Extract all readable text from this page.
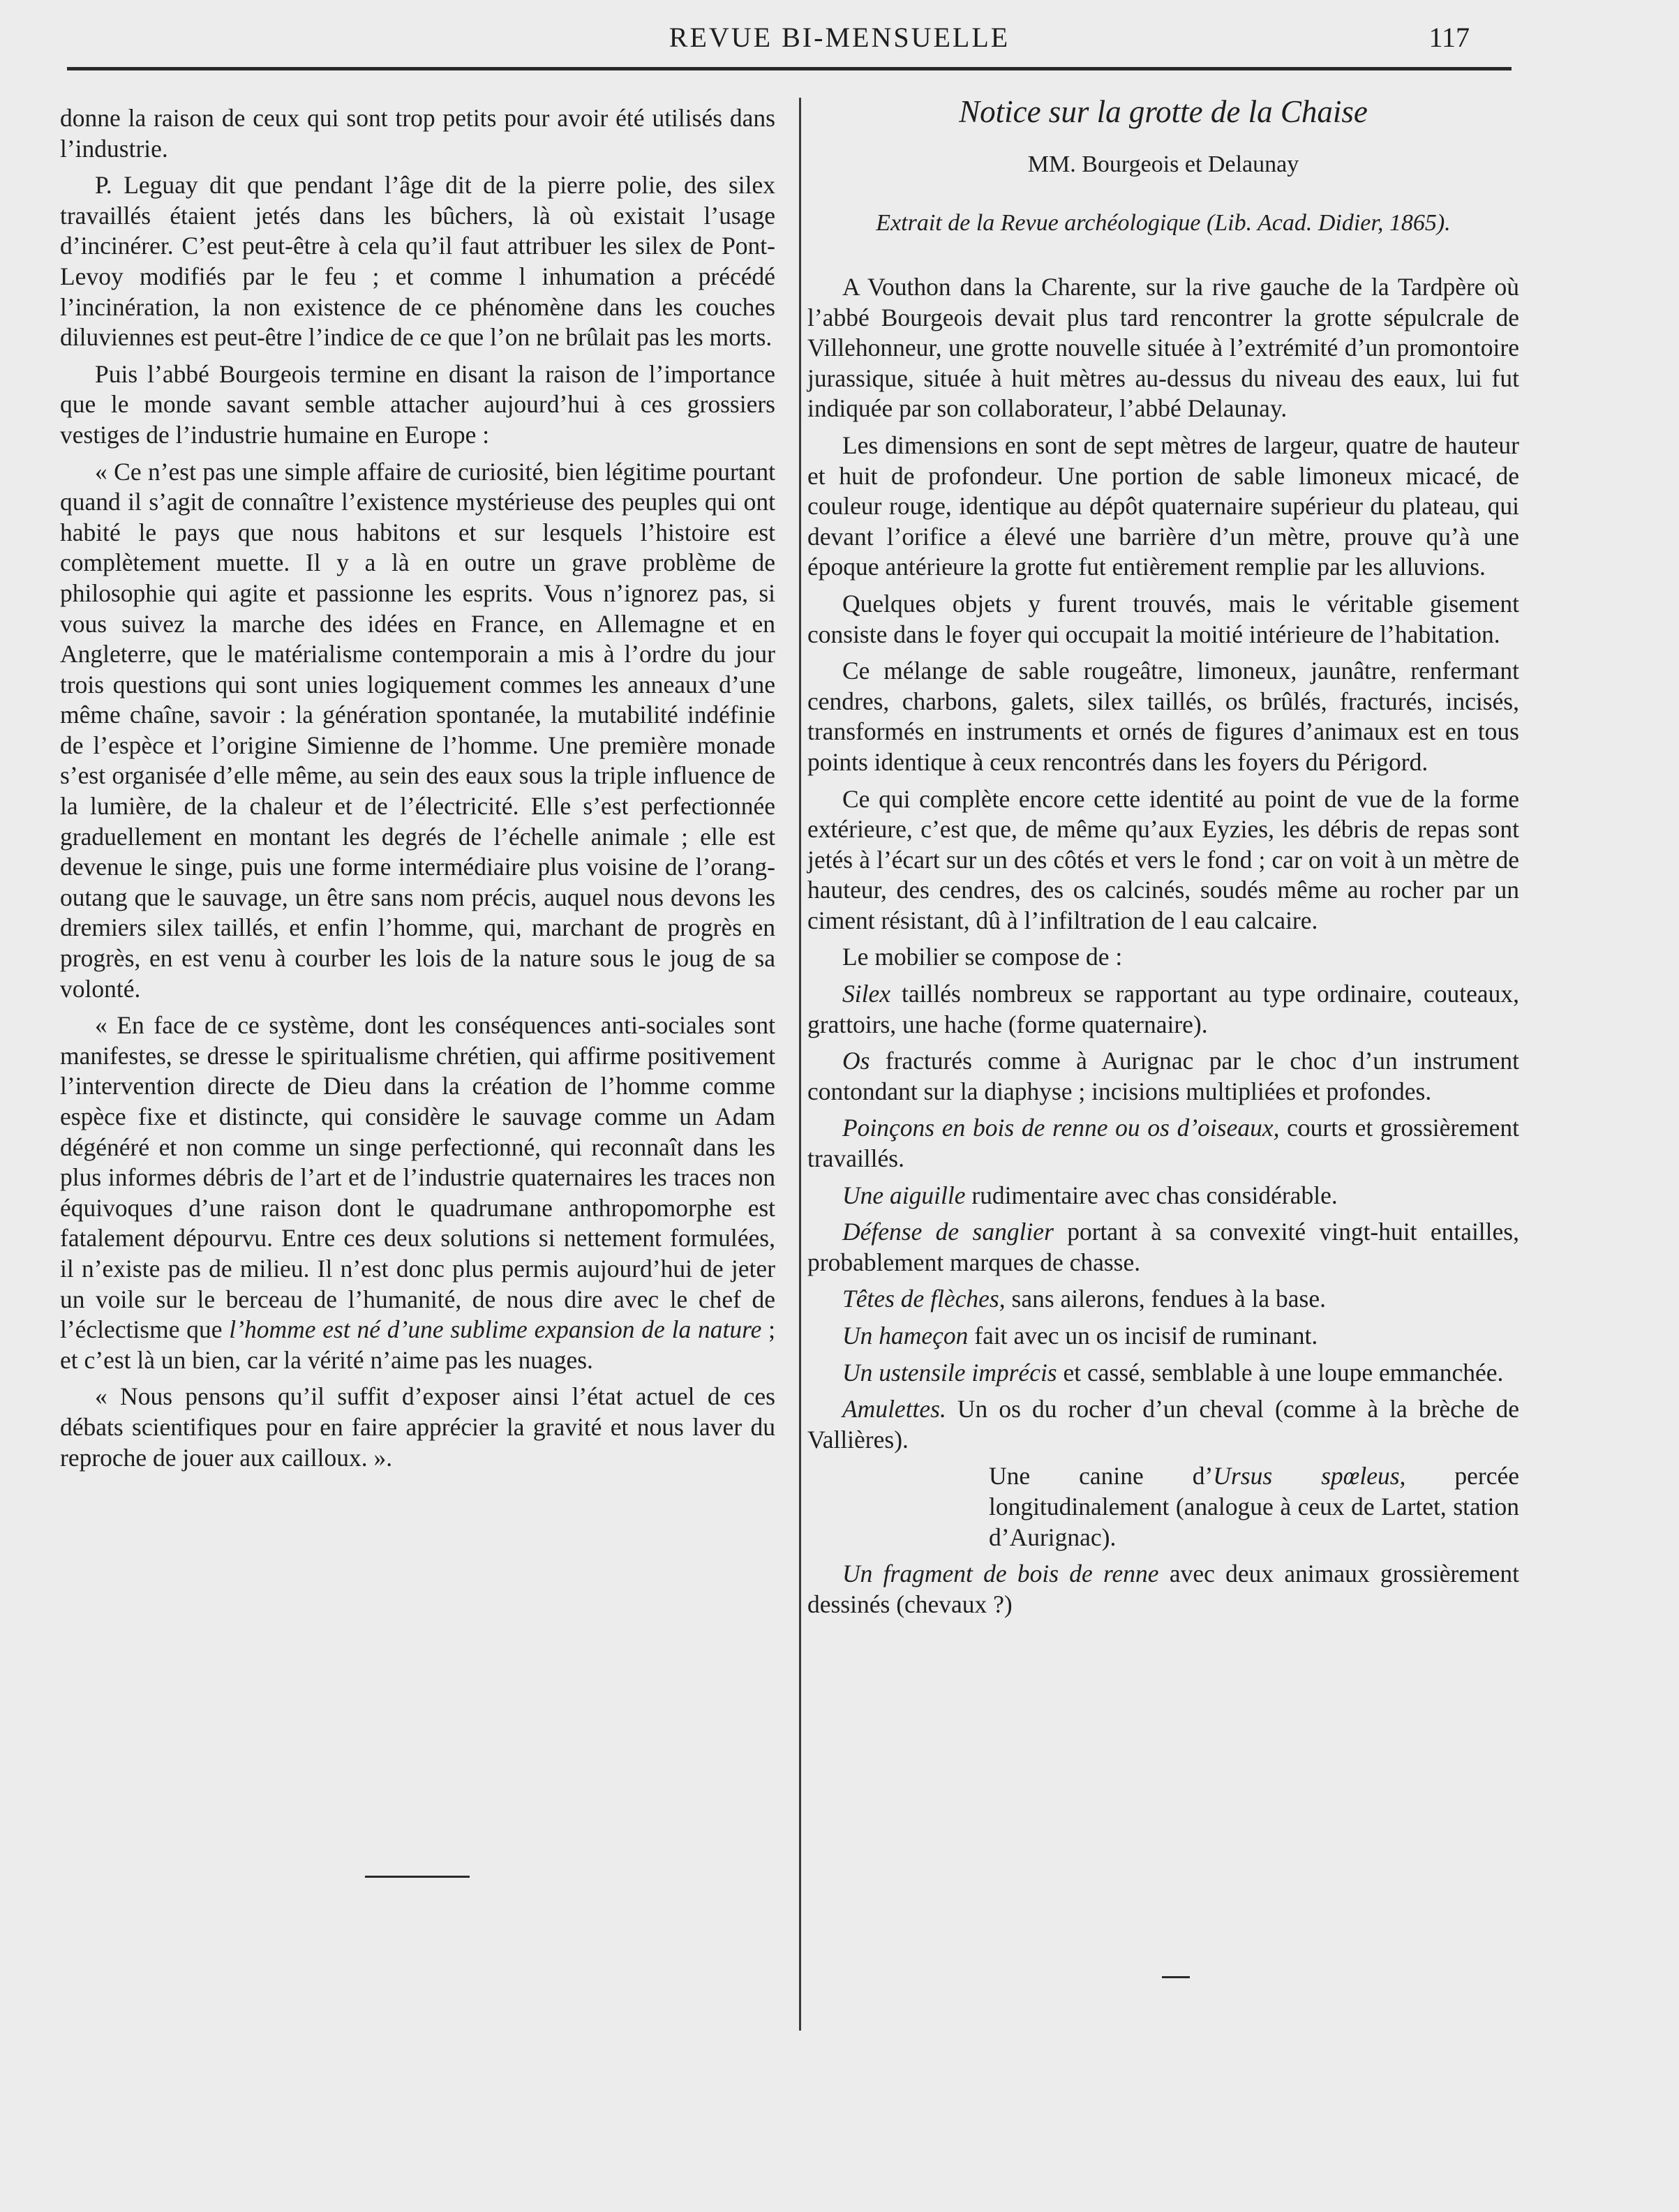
REVUE BI-MENSUELLE	117

donne la raison de ceux qui sont trop petits pour avoir été utilisés dans l’industrie.

P. Leguay dit que pendant l’âge dit de la pierre polie, des silex travaillés étaient jetés dans les bûchers, là où existait l’usage d’incinérer. C’est peut-être à cela qu’il faut attribuer les silex de Pont-Levoy modifiés par le feu ; et comme l inhumation a précédé l’incinération, la non existence de ce phénomène dans les couches diluviennes est peut-être l’indice de ce que l’on ne brûlait pas les morts.

Puis l’abbé Bourgeois termine en disant la raison de l’importance que le monde savant semble attacher aujourd’hui à ces grossiers vestiges de l’industrie humaine en Europe :

« Ce n’est pas une simple affaire de curiosité, bien légitime pourtant quand il s’agit de connaître l’existence mystérieuse des peuples qui ont habité le pays que nous habitons et sur lesquels l’histoire est complètement muette. Il y a là en outre un grave problème de philosophie qui agite et passionne les esprits. Vous n’ignorez pas, si vous suivez la marche des idées en France, en Allemagne et en Angleterre, que le matérialisme contemporain a mis à l’ordre du jour trois questions qui sont unies logiquement commes les anneaux d’une même chaîne, savoir : la génération spontanée, la mutabilité indéfinie de l’espèce et l’origine Simienne de l’homme. Une première monade s’est organisée d’elle même, au sein des eaux sous la triple influence de la lumière, de la chaleur et de l’électricité. Elle s’est perfectionnée graduellement en montant les degrés de l’échelle animale ; elle est devenue le singe, puis une forme intermédiaire plus voisine de l’orang-outang que le sauvage, un être sans nom précis, auquel nous devons les dremiers silex taillés, et enfin l’homme, qui, marchant de progrès en progrès, en est venu à courber les lois de la nature sous le joug de sa volonté.

« En face de ce système, dont les conséquences anti-sociales sont manifestes, se dresse le spiritualisme chrétien, qui affirme positivement l’intervention directe de Dieu dans la création de l’homme comme espèce fixe et distincte, qui considère le sauvage comme un Adam dégénéré et non comme un singe perfectionné, qui reconnaît dans les plus informes débris de l’art et de l’industrie quaternaires les traces non équivoques d’une raison dont le quadrumane anthropomorphe est fatalement dépourvu. Entre ces deux solutions si nettement formulées, il n’existe pas de milieu. Il n’est donc plus permis aujourd’hui de jeter un voile sur le berceau de l’humanité, de nous dire avec le chef de l’éclectisme que l’homme est né d’une sublime expansion de la nature ; et c’est là un bien, car la vérité n’aime pas les nuages.

« Nous pensons qu’il suffit d’exposer ainsi l’état actuel de ces débats scientifiques pour en faire apprécier la gravité et nous laver du reproche de jouer aux cailloux. ».

Notice sur la grotte de la Chaise
MM. Bourgeois et Delaunay
Extrait de la Revue archéologique (Lib. Acad. Didier, 1865).

A Vouthon dans la Charente, sur la rive gauche de la Tardpère où l’abbé Bourgeois devait plus tard rencontrer la grotte sépulcrale de Villehonneur, une grotte nouvelle située à l’extrémité d’un promontoire jurassique, située à huit mètres au-dessus du niveau des eaux, lui fut indiquée par son collaborateur, l’abbé Delaunay.

Les dimensions en sont de sept mètres de largeur, quatre de hauteur et huit de profondeur. Une portion de sable limoneux micacé, de couleur rouge, identique au dépôt quaternaire supérieur du plateau, qui devant l’orifice a élevé une barrière d’un mètre, prouve qu’à une époque antérieure la grotte fut entièrement remplie par les alluvions.

Quelques objets y furent trouvés, mais le véritable gisement consiste dans le foyer qui occupait la moitié intérieure de l’habitation.

Ce mélange de sable rougeâtre, limoneux, jaunâtre, renfermant cendres, charbons, galets, silex taillés, os brûlés, fracturés, incisés, transformés en instruments et ornés de figures d’animaux est en tous points identique à ceux rencontrés dans les foyers du Périgord.

Ce qui complète encore cette identité au point de vue de la forme extérieure, c’est que, de même qu’aux Eyzies, les débris de repas sont jetés à l’écart sur un des côtés et vers le fond ; car on voit à un mètre de hauteur, des cendres, des os calcinés, soudés même au rocher par un ciment résistant, dû à l’infiltration de l eau calcaire.

Le mobilier se compose de :

Silex taillés nombreux se rapportant au type ordinaire, couteaux, grattoirs, une hache (forme quaternaire).

Os fracturés comme à Aurignac par le choc d’un instrument contondant sur la diaphyse ; incisions multipliées et profondes.

Poinçons en bois de renne ou os d’oiseaux, courts et grossièrement travaillés.

Une aiguille rudimentaire avec chas considérable.

Défense de sanglier portant à sa convexité vingt-huit entailles, probablement marques de chasse.

Têtes de flèches, sans ailerons, fendues à la base.

Un hameçon fait avec un os incisif de ruminant.

Un ustensile imprécis et cassé, semblable à une loupe emmanchée.

Amulettes. Un os du rocher d’un cheval (comme à la brèche de Vallières).

Une canine d’Ursus spœleus, percée longitudinalement (analogue à ceux de Lartet, station d’Aurignac).

Un fragment de bois de renne avec deux animaux grossièrement dessinés (chevaux ?)
